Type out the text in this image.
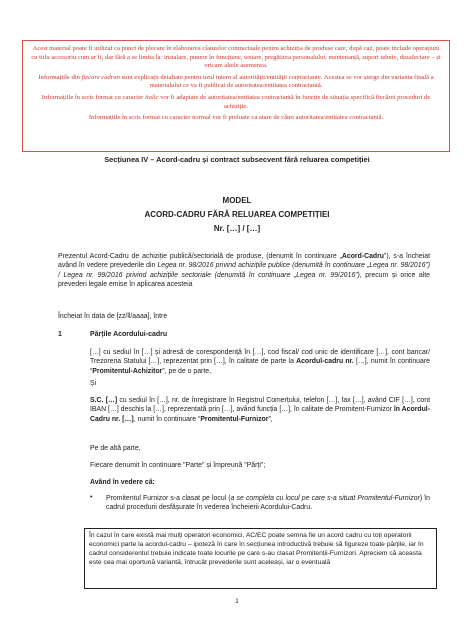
Acest material poate fi utilizat ca punct de plecare în elaborarea clauzelor contractuale pentru achiziția de produse care, după caz, poate include operațiuni cu titlu accesoriu cum ar fi, dar fără a se limita la: instalare, punere în funcțiune, testare, pregătirea personalului, mentenanță, suport tehnic, dezafectare – și oricare altele asemenea.

Informațiile din fiecare cadran sunt explicații detaliate pentru uzul intern al autorității/entității contractante. Acestea se vor șterge din varianta finală a materialului ce va fi publicat de autoritatea/entitatea contractantă.

Informațiile în scris format cu caracter italic vor fi adaptate de autoritatea/entitatea contractantă în funcție de situația specifică fiecărei proceduri de achiziție.

Informațiile în scris format cu caracter normal vor fi preluate ca atare de către autoritatea/entitatea contractantă.

Secțiunea IV – Acord-cadru și contract subsecvent fără reluarea competiției
MODEL
ACORD-CADRU FĂRĂ RELUAREA COMPETIȚIEI
Nr. […] / […]
Prezentul Acord-Cadru de achiziție publică/sectorială de produse, (denumit în continuare „Acord-Cadru”), s-a încheiat având în vedere prevederile din Legea nr. 98/2016 privind achizițiile publice (denumită în continuare „Legea nr. 98/2016”) / Legea nr. 99/2016 privind achizițiile sectoriale (denumită în continuare „Legea nr. 99/2016”), precum și orice alte prevederi legale emise în aplicarea acesteia
Încheiat în data de [zz/ll/aaaa], între
1	Părțile Acordului-cadru
[…] cu sediul în […] și adresă de corespondență în […], cod fiscal/ cod unic de identificare […], cont bancar/ Trezoreria Statului […], reprezentat prin […], în calitate de parte la Acordul-cadru nr. […], numit în continuare “Promitentul-Achizitor”, pe de o parte,
Și
S.C. […] cu sediul în […], nr. de înregistrare în Registrul Comerțului, telefon […], fax […], având CIF […], cont IBAN […] deschis la […], reprezentată prin […], având funcția […], în calitate de Promitent-Furnizor în Acordul-Cadru nr. […], numit în continuare “Promitentul-Furnizor”,
Pe de altă parte,
Fiecare denumit în continuare "Parte" și împreună "Părți";
Având în vedere că:
• Promitentul Furnizor s-a clasat pe locul (a se completa cu locul pe care s-a situat Promitentul-Furnizor) în cadrul procedurii desfășurate în vederea încheierii Acordului-Cadru.
În cazul în care există mai mulți operatori economici, AC/EC poate semna fie un acord cadru cu toți operatorii economici parte la acordul-cadru – ipoteză în care în secțiunea introductivă trebuie să figureze toate părțile, iar în cadrul considerentul trebuie indicate toate locurile pe care s-au clasat Promitenții-Furnizori. Apreciem că aceasta este cea mai oportună variantă, întrucât prevederile sunt aceleași, iar o eventuală
1
